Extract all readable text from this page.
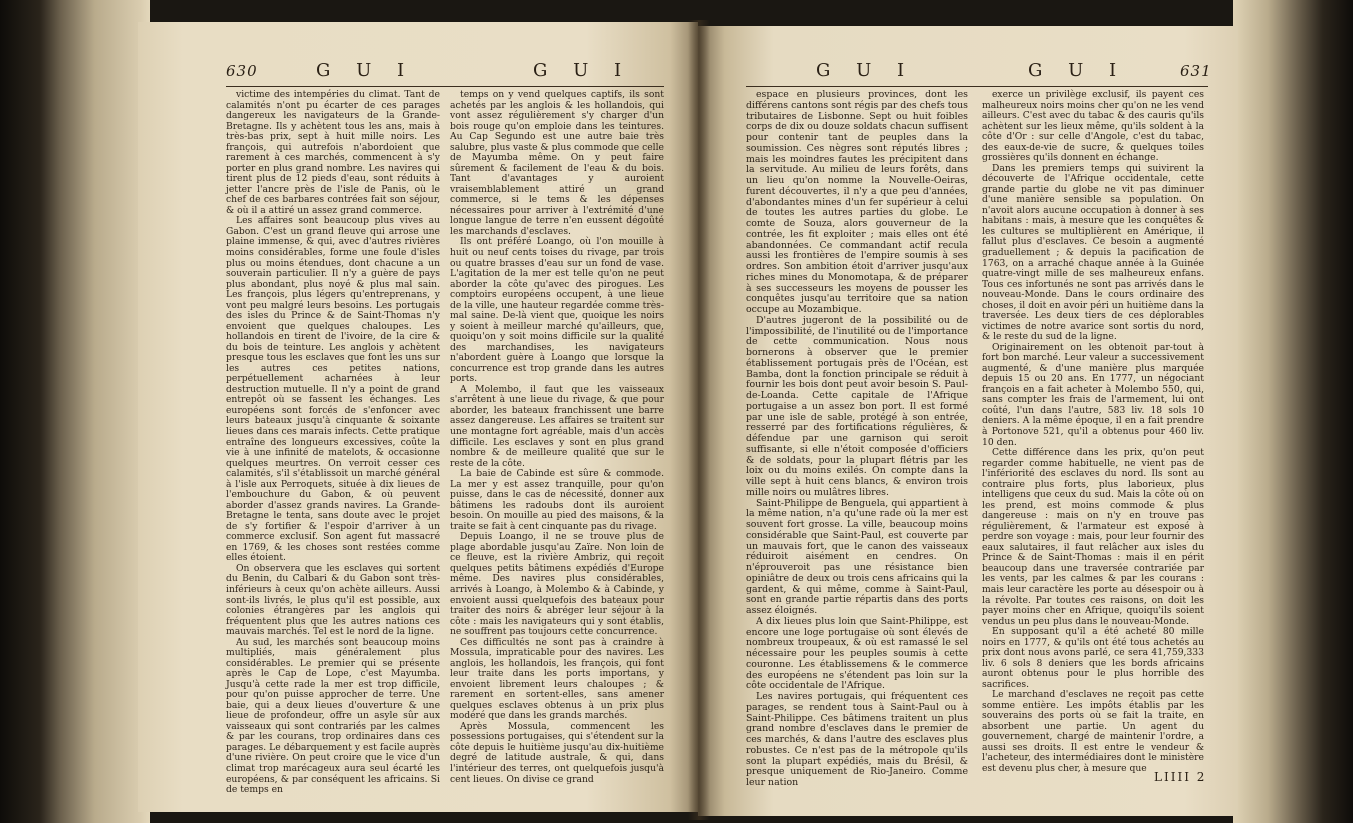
630	G U I	G U I

victime des intempéries du climat. Tant de calamités n'ont pu écarter de ces parages dangereux les navigateurs de la Grande-Bretagne. Ils y achètent tous les ans, mais à très-bas prix, sept à huit mille noirs. Les françois, qui autrefois n'abordoient que rarement à ces marchés, commencent à s'y porter en plus grand nombre. Les navires qui tirent plus de 12 pieds d'eau, sont réduits à jetter l'ancre près de l'isle de Panis, où le chef de ces barbares contrées fait son séjour, & où il a attiré un assez grand commerce.

Les affaires sont beaucoup plus vives au Gabon. C'est un grand fleuve qui arrose une plaine immense, & qui, avec d'autres rivières moins considérables, forme une foule d'isles plus ou moins étendues, dont chacune a un souverain particulier. Il n'y a guère de pays plus abondant, plus noyé & plus mal sain. Les françois, plus légers qu'entreprenans, y vont peu malgré leurs besoins. Les portugais des isles du Prince & de Saint-Thomas n'y envoient que quelques chaloupes. Les hollandois en tirent de l'ivoire, de la cire & du bois de teinture. Les anglois y achètent presque tous les esclaves que font les uns sur les autres ces petites nations, perpétuellement acharnées à leur destruction mutuelle. Il n'y a point de grand entrepôt où se fassent les échanges. Les européens sont forcés de s'enfoncer avec leurs bateaux jusqu'à cinquante & soixante lieues dans ces marais infects. Cette pratique entraîne des longueurs excessives, coûte la vie à une infinité de matelots, & occasionne quelques meurtres. On verroit cesser ces calamités, s'il s'établissoit un marché général à l'isle aux Perroquets, située à dix lieues de l'embouchure du Gabon, & où peuvent aborder d'assez grands navires. La Grande-Bretagne le tenta, sans doute avec le projet de s'y fortifier & l'espoir d'arriver à un commerce exclusif. Son agent fut massacré en 1769, & les choses sont restées comme elles étoient.

On observera que les esclaves qui sortent du Benin, du Calbari & du Gabon sont très-inférieurs à ceux qu'on achète ailleurs. Aussi sont-ils livrés, le plus qu'il est possible, aux colonies étrangères par les anglois qui fréquentent plus que les autres nations ces mauvais marchés. Tel est le nord de la ligne.

Au sud, les marchés sont beaucoup moins multipliés, mais généralement plus considérables. Le premier qui se présente après le Cap de Lope, c'est Mayumba. Jusqu'à cette rade la mer est trop difficile, pour qu'on puisse approcher de terre. Une baie, qui a deux lieues d'ouverture & une lieue de profondeur, offre un asyle sûr aux vaisseaux qui sont contrariés par les calmes & par les courans, trop ordinaires dans ces parages. Le débarquement y est facile auprès d'une rivière. On peut croire que le vice d'un climat trop marécageux aura seul écarté les européens, & par conséquent les africains. Si de temps en

temps on y vend quelques captifs, ils sont achetés par les anglois & les hollandois, qui vont assez régulièrement s'y charger d'un bois rouge qu'on emploie dans les teintures. Au Cap Segundo est une autre baie très salubre, plus vaste & plus commode que celle de Mayumba même. On y peut faire sûrement & facilement de l'eau & du bois. Tant d'avantages y auroient vraisemblablement attiré un grand commerce, si le tems & les dépenses nécessaires pour arriver à l'extrémité d'une longue langue de terre n'en eussent dégoûté les marchands d'esclaves.

Ils ont préféré Loango, où l'on mouille à huit ou neuf cents toises du rivage, par trois ou quatre brasses d'eau sur un fond de vase. L'agitation de la mer est telle qu'on ne peut aborder la côte qu'avec des pirogues. Les comptoirs européens occupent, à une lieue de la ville, une hauteur regardée comme très-mal saine. De-là vient que, quoique les noirs y soient à meilleur marché qu'ailleurs, que, quoiqu'on y soit moins difficile sur la qualité des marchandises, les navigateurs n'abordent guère à Loango que lorsque la concurrence est trop grande dans les autres ports.

A Molembo, il faut que les vaisseaux s'arrêtent à une lieue du rivage, & que pour aborder, les bateaux franchissent une barre assez dangereuse. Les affaires se traitent sur une montagne fort agréable, mais d'un accès difficile. Les esclaves y sont en plus grand nombre & de meilleure qualité que sur le reste de la côte.

La baie de Cabinde est sûre & commode. La mer y est assez tranquille, pour qu'on puisse, dans le cas de nécessité, donner aux bâtimens les radoubs dont ils auroient besoin. On mouille au pied des maisons, & la traite se fait à cent cinquante pas du rivage.

Depuis Loango, il ne se trouve plus de plage abordable jusqu'au Zaïre. Non loin de ce fleuve, est la rivière Ambriz, qui reçoit quelques petits bâtimens expédiés d'Europe même. Des navires plus considérables, arrivés à Loango, à Molembo & à Cabinde, y envoient aussi quelquefois des bateaux pour traiter des noirs & abréger leur séjour à la côte : mais les navigateurs qui y sont établis, ne souffrent pas toujours cette concurrence.

Ces difficultés ne sont pas à craindre à Mossula, impraticable pour des navires. Les anglois, les hollandois, les françois, qui font leur traite dans les ports importans, y envoient librement leurs chaloupes ; & rarement en sortent-elles, sans amener quelques esclaves obtenus à un prix plus modéré que dans les grands marchés.

Après Mossula, commencent les possessions portugaises, qui s'étendent sur la côte depuis le huitième jusqu'au dix-huitième degré de latitude australe, & qui, dans l'intérieur des terres, ont quelquefois jusqu'à cent lieues. On divise ce grand

G U I	G U I	631

espace en plusieurs provinces, dont les différens cantons sont régis par des chefs tous tributaires de Lisbonne. Sept ou huit foibles corps de dix ou douze soldats chacun suffisent pour contenir tant de peuples dans la soumission. Ces nègres sont réputés libres ; mais les moindres fautes les précipitent dans la servitude. Au milieu de leurs forêts, dans un lieu qu'on nomme la Nouvelle-Oeiras, furent découvertes, il n'y a que peu d'années, d'abondantes mines d'un fer supérieur à celui de toutes les autres parties du globe. Le comte de Souza, alors gouverneur de la contrée, les fit exploiter ; mais elles ont été abandonnées. Ce commandant actif recula aussi les frontières de l'empire soumis à ses ordres. Son ambition étoit d'arriver jusqu'aux riches mines du Monomotapa, & de préparer à ses successeurs les moyens de pousser les conquêtes jusqu'au territoire que sa nation occupe au Mozambique.

D'autres jugeront de la possibilité ou de l'impossibilité, de l'inutilité ou de l'importance de cette communication. Nous nous bornerons à observer que le premier établissement portugais près de l'Océan, est Bamba, dont la fonction principale se réduit à fournir les bois dont peut avoir besoin S. Paul-de-Loanda. Cette capitale de l'Afrique portugaise a un assez bon port. Il est formé par une isle de sable, protégé à son entrée, resserré par des fortifications régulières, & défendue par une garnison qui seroit suffisante, si elle n'étoit composée d'officiers & de soldats, pour la plupart flétris par les loix ou du moins exilés. On compte dans la ville sept à huit cens blancs, & environ trois mille noirs ou mulâtres libres.

Saint-Philippe de Benguela, qui appartient à la même nation, n'a qu'une rade où la mer est souvent fort grosse. La ville, beaucoup moins considérable que Saint-Paul, est couverte par un mauvais fort, que le canon des vaisseaux réduiroit aisément en cendres. On n'éprouveroit pas une résistance bien opiniâtre de deux ou trois cens africains qui la gardent, & qui même, comme à Saint-Paul, sont en grande partie répartis dans des ports assez éloignés.

A dix lieues plus loin que Saint-Philippe, est encore une loge portugaise où sont élevés de nombreux troupeaux, & où est ramassé le sel nécessaire pour les peuples soumis à cette couronne. Les établissemens & le commerce des européens ne s'étendent pas loin sur la côte occidentale de l'Afrique.

Les navires portugais, qui fréquentent ces parages, se rendent tous à Saint-Paul ou à Saint-Philippe. Ces bâtimens traitent un plus grand nombre d'esclaves dans le premier de ces marchés, & dans l'autre des esclaves plus robustes. Ce n'est pas de la métropole qu'ils sont la plupart expédiés, mais du Brésil, & presque uniquement de Rio-Janeiro. Comme leur nation

exerce un privilège exclusif, ils payent ces malheureux noirs moins cher qu'on ne les vend ailleurs. C'est avec du tabac & des cauris qu'ils achètent sur les lieux même, qu'ils soldent à la côte d'Or : sur celle d'Angole, c'est du tabac, des eaux-de-vie de sucre, & quelques toiles grossières qu'ils donnent en échange.

Dans les premiers temps qui suivirent la découverte de l'Afrique occidentale, cette grande partie du globe ne vit pas diminuer d'une manière sensible sa population. On n'avoit alors aucune occupation à donner à ses habitans : mais, à mesure que les conquêtes & les cultures se multiplièrent en Amérique, il fallut plus d'esclaves. Ce besoin a augmenté graduellement ; & depuis la pacification de 1763, on a arraché chaque année à la Guinée quatre-vingt mille de ses malheureux enfans. Tous ces infortunés ne sont pas arrivés dans le nouveau-Monde. Dans le cours ordinaire des choses, il doit en avoir péri un huitième dans la traversée. Les deux tiers de ces déplorables victimes de notre avarice sont sortis du nord, & le reste du sud de la ligne.

Originairement on les obtenoit par-tout à fort bon marché. Leur valeur a successivement augmenté, & d'une manière plus marquée depuis 15 ou 20 ans. En 1777, un négociant françois en a fait acheter à Molembo 550, qui, sans compter les frais de l'armement, lui ont coûté, l'un dans l'autre, 583 liv. 18 sols 10 deniers. A la même époque, il en a fait prendre à Portonove 521, qu'il a obtenus pour 460 liv. 10 den.

Cette différence dans les prix, qu'on peut regarder comme habituelle, ne vient pas de l'infériorité des esclaves du nord. Ils sont au contraire plus forts, plus laborieux, plus intelligens que ceux du sud. Mais la côte où on les prend, est moins commode & plus dangereuse : mais on n'y en trouve pas régulièrement, & l'armateur est exposé à perdre son voyage : mais, pour leur fournir des eaux salutaires, il faut relâcher aux isles du Prince & de Saint-Thomas : mais il en périt beaucoup dans une traversée contrariée par les vents, par les calmes & par les courans : mais leur caractère les porte au désespoir ou à la révolte. Par toutes ces raisons, on doit les payer moins cher en Afrique, quoiqu'ils soient vendus un peu plus dans le nouveau-Monde.

En supposant qu'il a été acheté 80 mille noirs en 1777, & qu'ils ont été tous achetés au prix dont nous avons parlé, ce sera 41,759,333 liv. 6 sols 8 deniers que les bords africains auront obtenus pour le plus horrible des sacrifices.

Le marchand d'esclaves ne reçoit pas cette somme entière. Les impôts établis par les souverains des ports où se fait la traite, en absorbent une partie. Un agent du gouvernement, chargé de maintenir l'ordre, a aussi ses droits. Il est entre le vendeur & l'acheteur, des intermédiaires dont le ministère est devenu plus cher, à mesure que

LIIII 2
